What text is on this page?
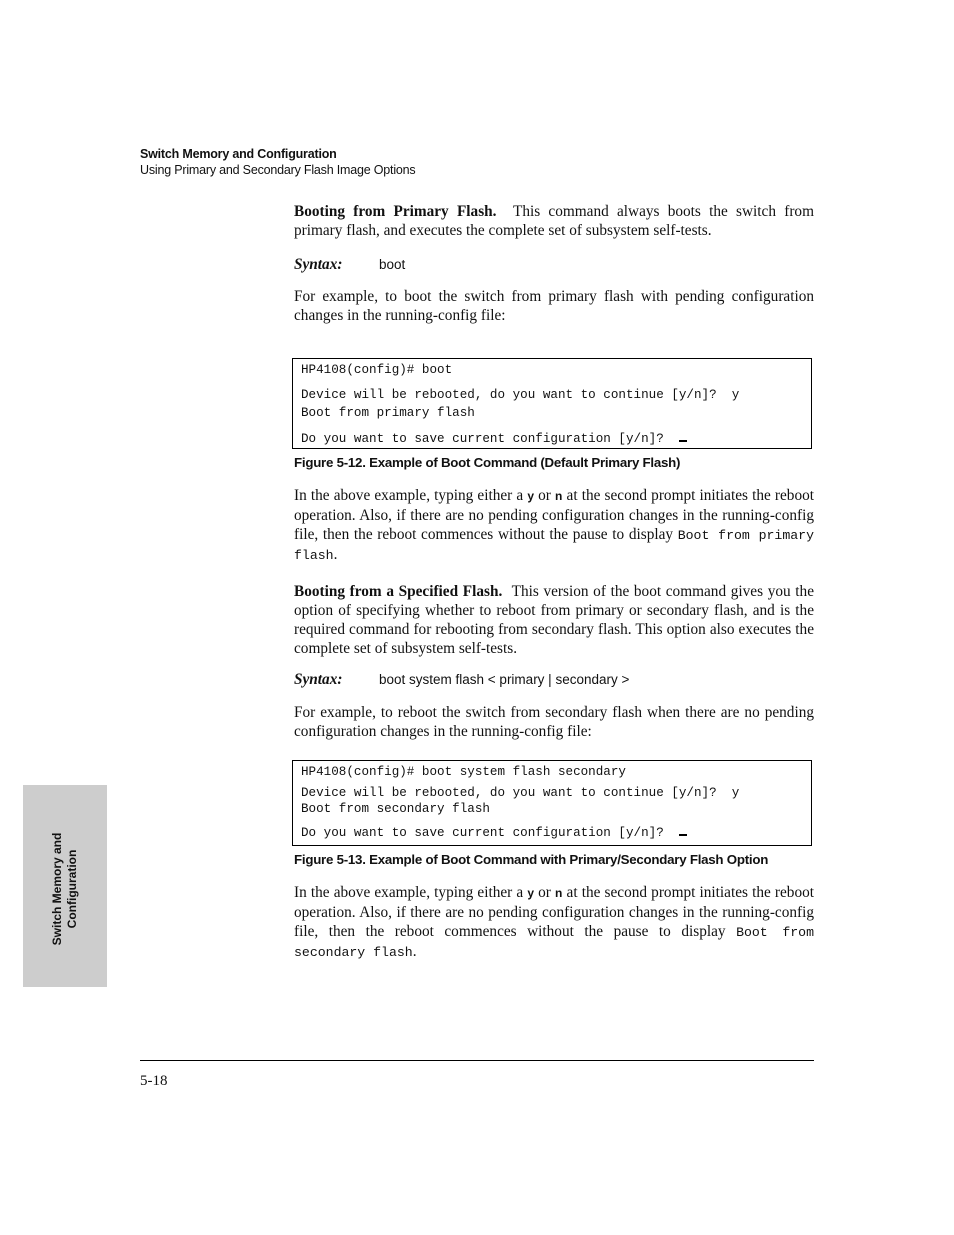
Switch Memory and Configuration
Using Primary and Secondary Flash Image Options

Booting from Primary Flash. This command always boots the switch from primary flash, and executes the complete set of subsystem self-tests.

Syntax:	boot

For example, to boot the switch from primary flash with pending configuration changes in the running-config file:

HP4108(config)# boot

Device will be rebooted, do you want to continue [y/n]?  y

Boot from primary flash

Do you want to save current configuration [y/n]?

Figure 5-12. Example of Boot Command (Default Primary Flash)

In the above example, typing either a y or n at the second prompt initiates the reboot operation. Also, if there are no pending configuration changes in the running-config file, then the reboot commences without the pause to display Boot from primary flash.

Booting from a Specified Flash. This version of the boot command gives you the option of specifying whether to reboot from primary or secondary flash, and is the required command for rebooting from secondary flash. This option also executes the complete set of subsystem self-tests.

Syntax:	boot system flash < primary | secondary >

For example, to reboot the switch from secondary flash when there are no pending configuration changes in the running-config file:

HP4108(config)# boot system flash secondary

Device will be rebooted, do you want to continue [y/n]?  y

Boot from secondary flash

Do you want to save current configuration [y/n]?

Figure 5-13. Example of Boot Command with Primary/Secondary Flash Option

In the above example, typing either a y or n at the second prompt initiates the reboot operation. Also, if there are no pending configuration changes in the running-config file, then the reboot commences without the pause to display Boot from secondary flash.

Switch Memory and Configuration
5-18
